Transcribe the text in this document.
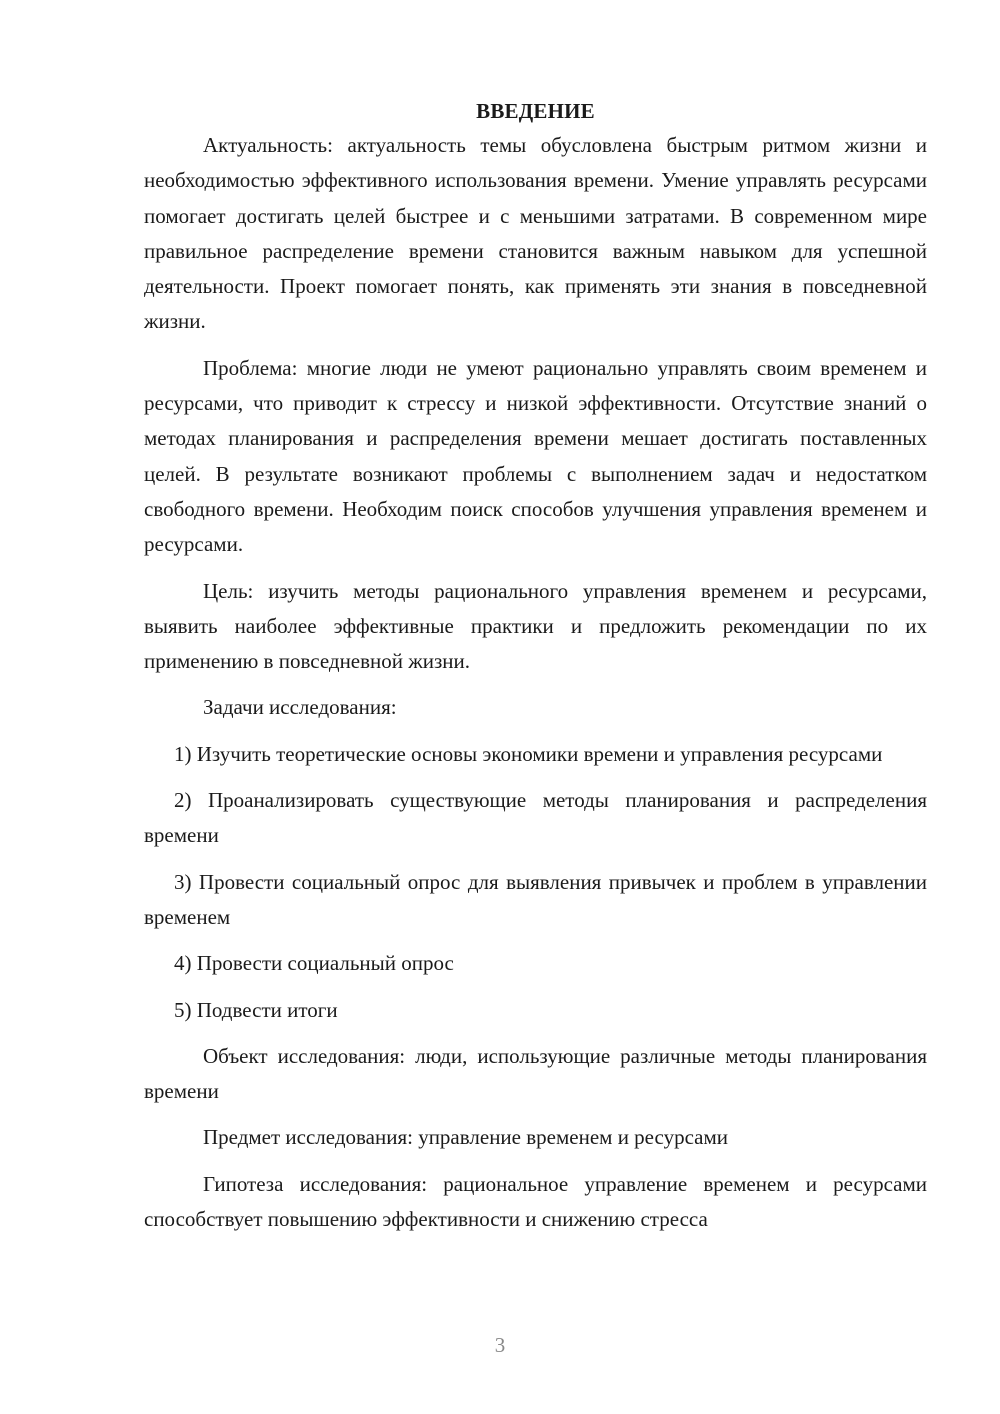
ВВЕДЕНИЕ

Актуальность: актуальность темы обусловлена быстрым ритмом жизни и необходимостью эффективного использования времени. Умение управлять ресурсами помогает достигать целей быстрее и с меньшими затратами. В современном мире правильное распределение времени становится важным навыком для успешной деятельности. Проект помогает понять, как применять эти знания в повседневной жизни.

Проблема: многие люди не умеют рационально управлять своим временем и ресурсами, что приводит к стрессу и низкой эффективности. Отсутствие знаний о методах планирования и распределения времени мешает достигать поставленных целей. В результате возникают проблемы с выполнением задач и недостатком свободного времени. Необходим поиск способов улучшения управления временем и ресурсами.

Цель: изучить методы рационального управления временем и ресурсами, выявить наиболее эффективные практики и предложить рекомендации по их применению в повседневной жизни.

Задачи исследования:

1) Изучить теоретические основы экономики времени и управления ресурсами

2) Проанализировать существующие методы планирования и распределения времени

3) Провести социальный опрос для выявления привычек и проблем в управлении временем

4) Провести социальный опрос

5) Подвести итоги

Объект исследования: люди, использующие различные методы планирования времени

Предмет исследования: управление временем и ресурсами

Гипотеза исследования: рациональное управление временем и ресурсами способствует повышению эффективности и снижению стресса

3
